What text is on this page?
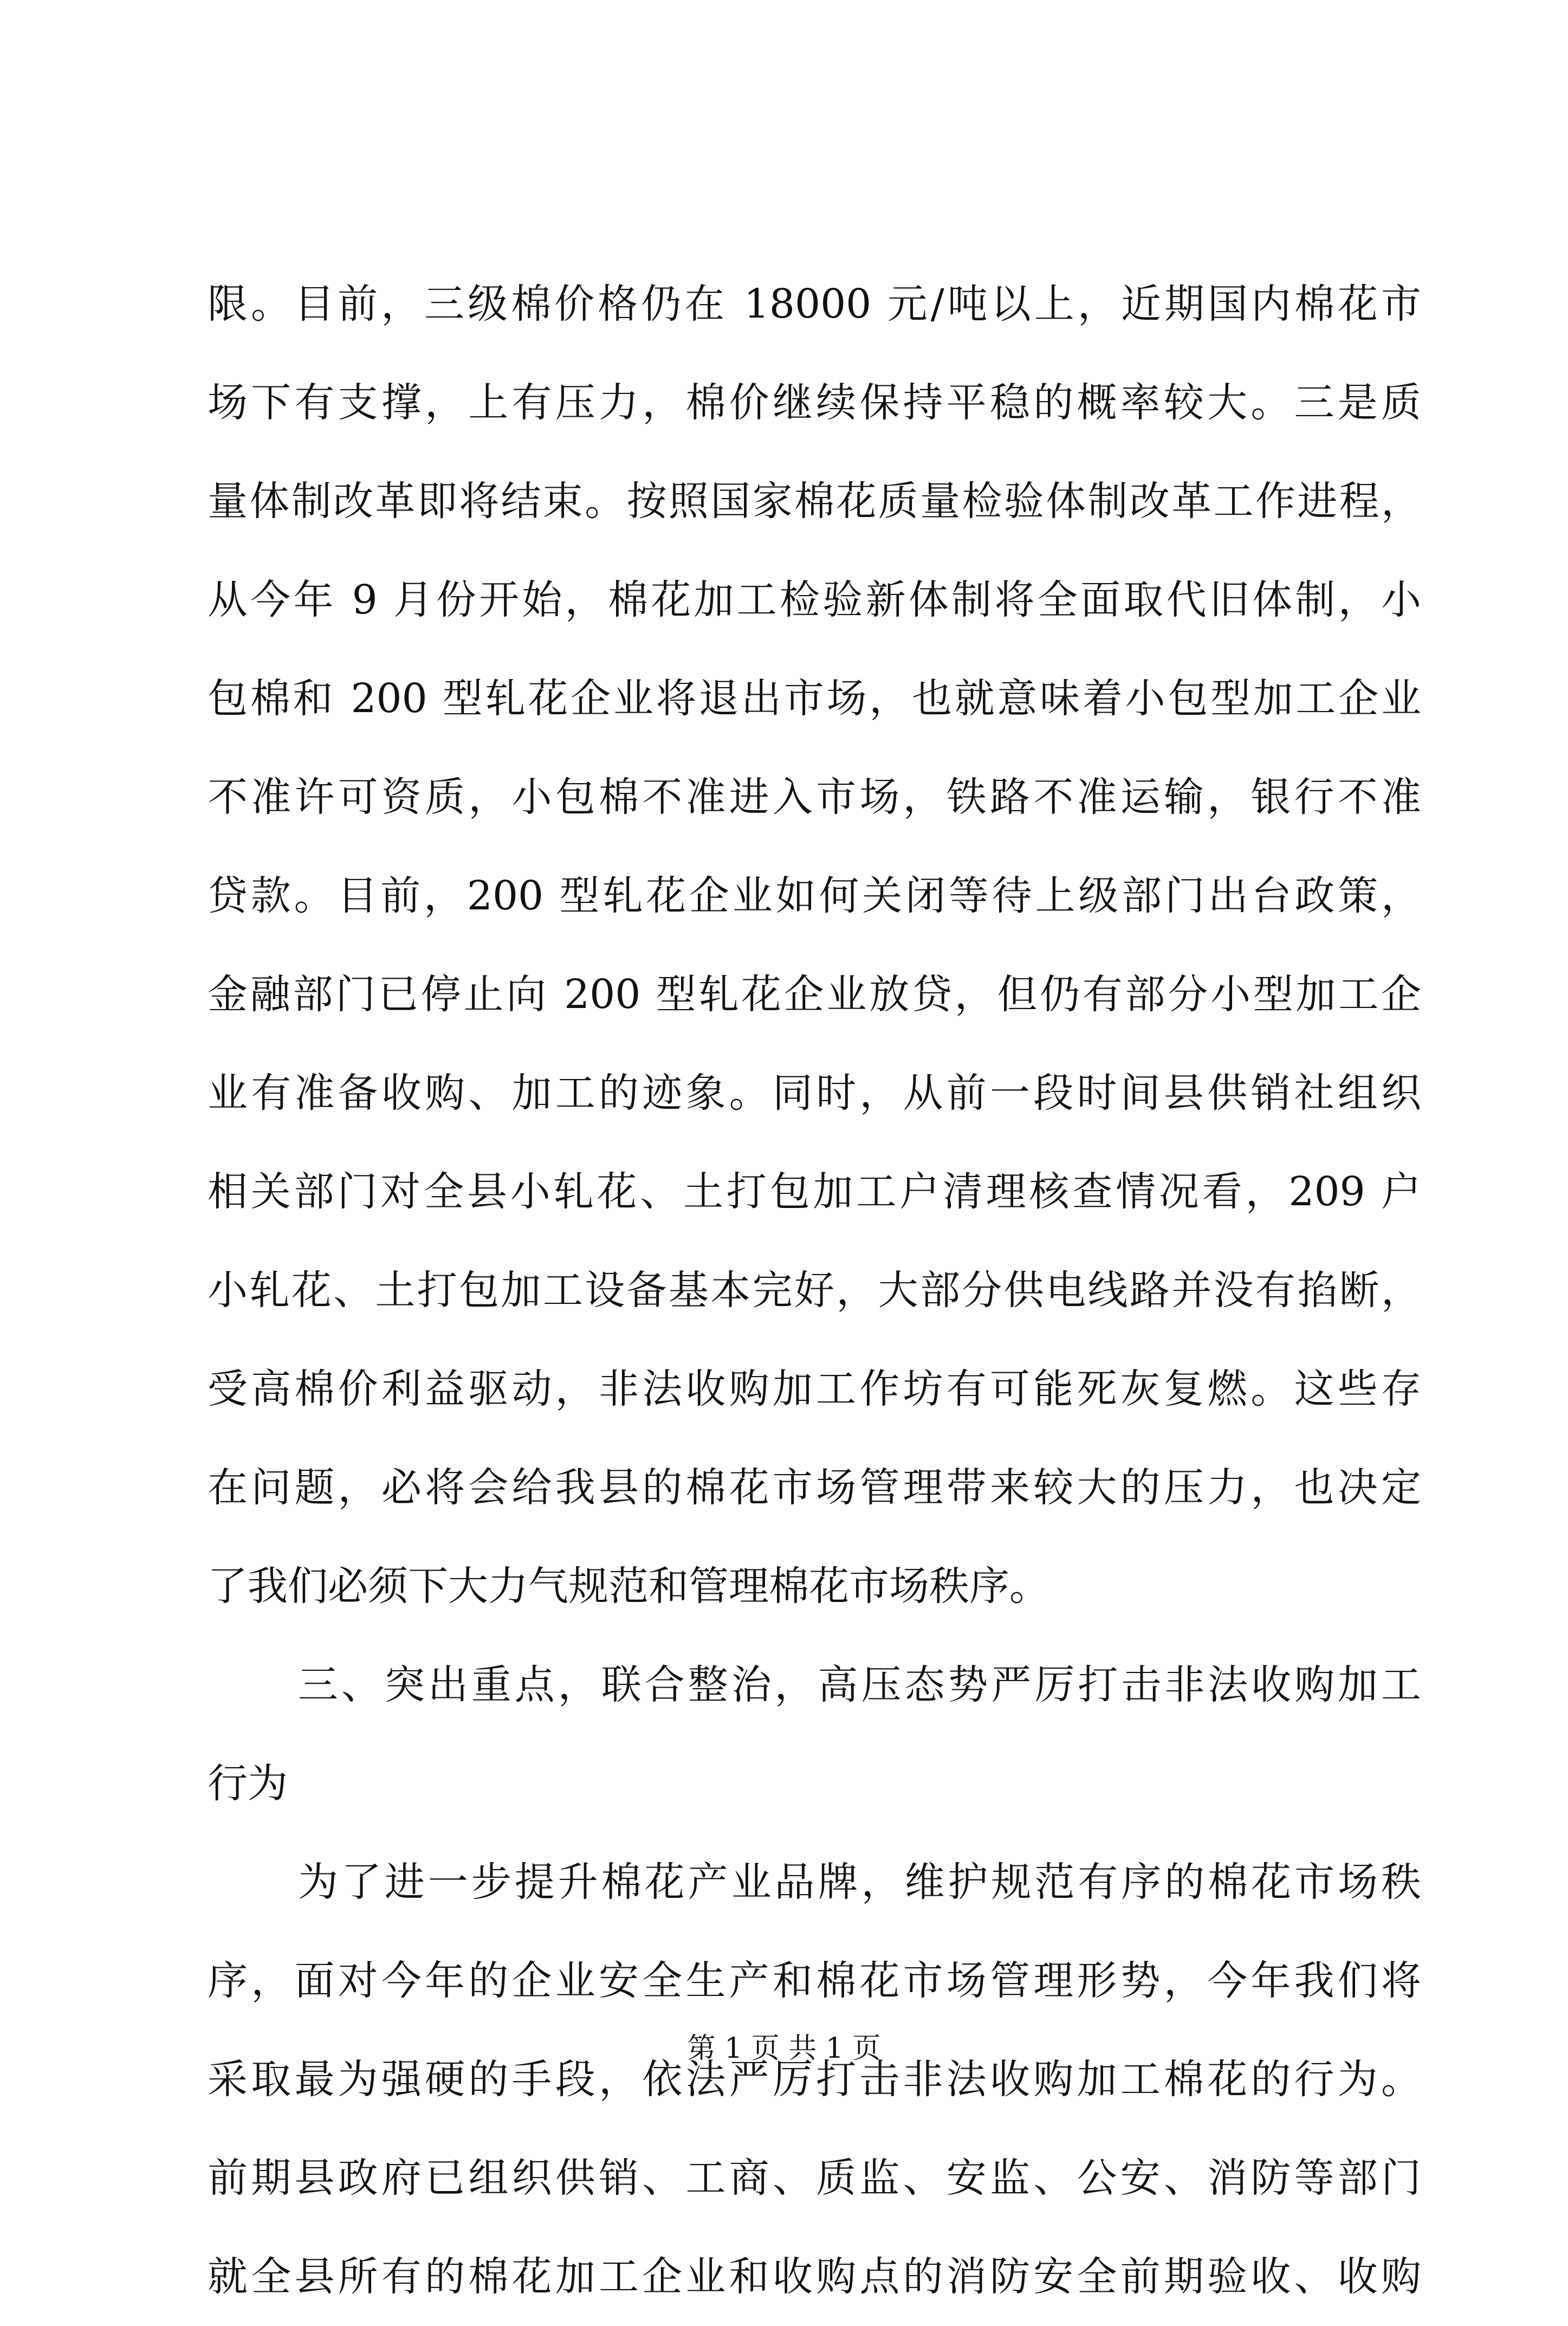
限。目前，三级棉价格仍在 18000 元/吨以上，近期国内棉花市
场下有支撑，上有压力，棉价继续保持平稳的概率较大。三是质
量体制改革即将结束。按照国家棉花质量检验体制改革工作进程，
从今年 9 月份开始，棉花加工检验新体制将全面取代旧体制，小
包棉和 200 型轧花企业将退出市场，也就意味着小包型加工企业
不准许可资质，小包棉不准进入市场，铁路不准运输，银行不准
贷款。目前，200 型轧花企业如何关闭等待上级部门出台政策，
金融部门已停止向 200 型轧花企业放贷，但仍有部分小型加工企
业有准备收购、加工的迹象。同时，从前一段时间县供销社组织
相关部门对全县小轧花、土打包加工户清理核查情况看，209 户
小轧花、土打包加工设备基本完好，大部分供电线路并没有掐断，
受高棉价利益驱动，非法收购加工作坊有可能死灰复燃。这些存
在问题，必将会给我县的棉花市场管理带来较大的压力，也决定
了我们必须下大力气规范和管理棉花市场秩序。
三、突出重点，联合整治，高压态势严厉打击非法收购加工
行为
为了进一步提升棉花产业品牌，维护规范有序的棉花市场秩
序，面对今年的企业安全生产和棉花市场管理形势，今年我们将
采取最为强硬的手段，依法严厉打击非法收购加工棉花的行为。
前期县政府已组织供销、工商、质监、安监、公安、消防等部门
就全县所有的棉花加工企业和收购点的消防安全前期验收、收购
第 1 页 共 1 页
